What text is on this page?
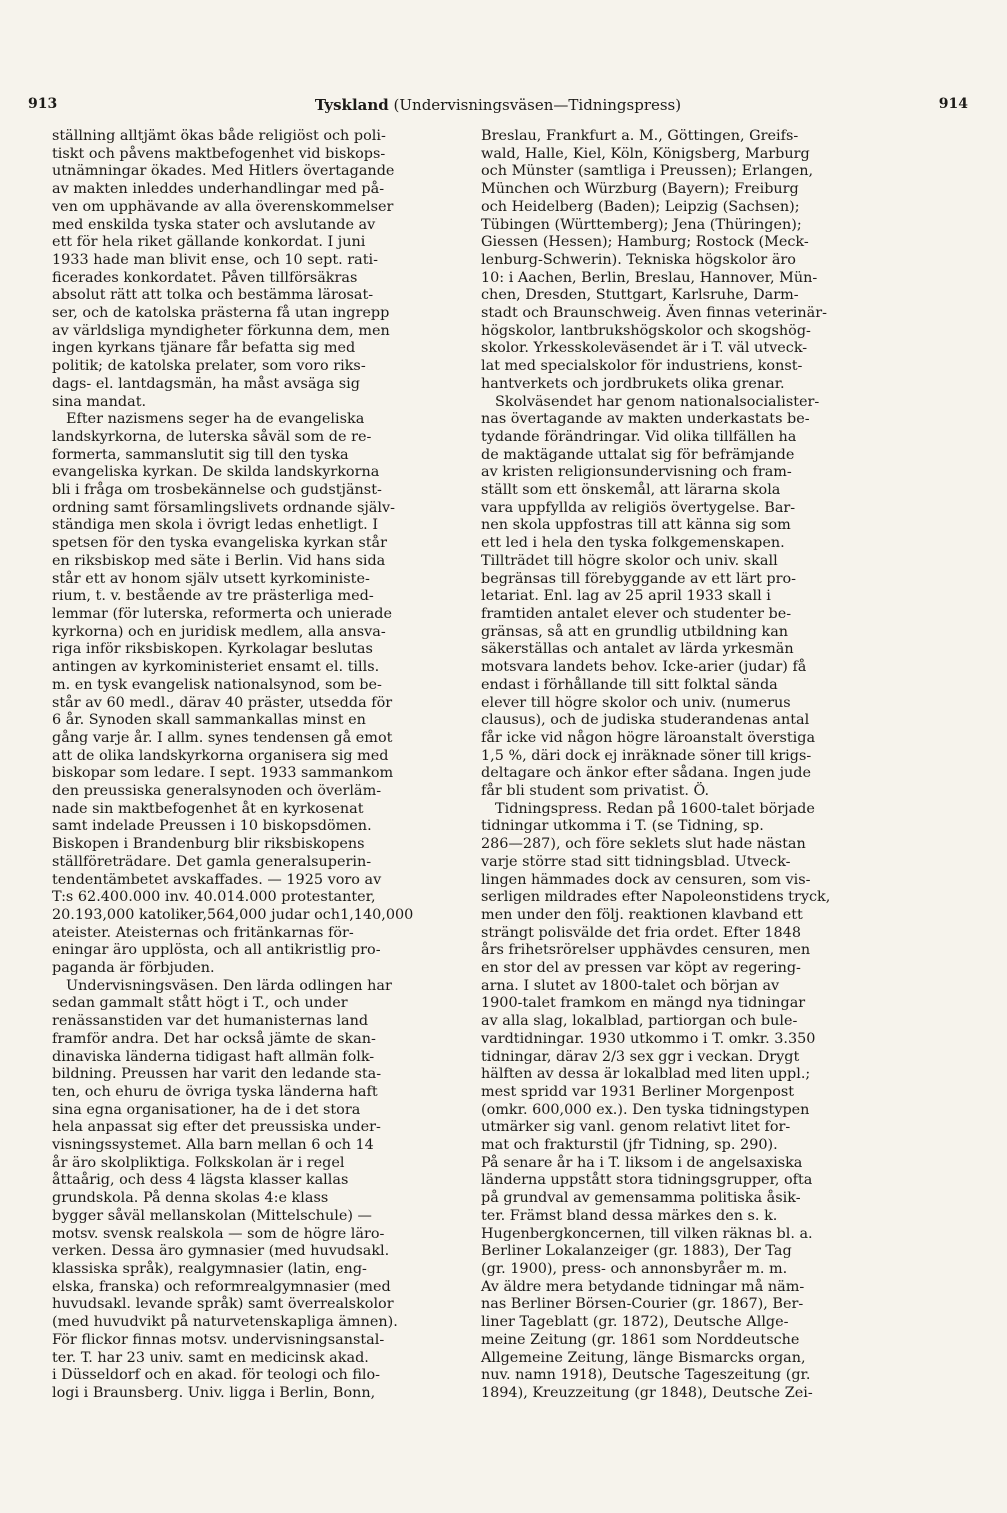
913	Tyskland (Undervisningsväsen—Tidningspress)	914

ställning alltjämt ökas både religiöst och poli-

tiskt och påvens maktbefogenhet vid biskops-

utnämningar ökades. Med Hitlers övertagande

av makten inleddes underhandlingar med på-

ven om upphävande av alla överenskommelser

med enskilda tyska stater och avslutande av

ett för hela riket gällande konkordat. I juni

1933 hade man blivit ense, och 10 sept. rati-

ficerades konkordatet. Påven tillförsäkras

absolut rätt att tolka och bestämma lärosat-

ser, och de katolska prästerna få utan ingrepp

av världsliga myndigheter förkunna dem, men

ingen kyrkans tjänare får befatta sig med

politik; de katolska prelater, som voro riks-

dags- el. lantdagsmän, ha måst avsäga sig

sina mandat.

Efter nazismens seger ha de evangeliska

landskyrkorna, de luterska såväl som de re-

formerta, sammanslutit sig till den tyska

evangeliska kyrkan. De skilda landskyrkorna

bli i fråga om trosbekännelse och gudstjänst-

ordning samt församlingslivets ordnande själv-

ständiga men skola i övrigt ledas enhetligt. I

spetsen för den tyska evangeliska kyrkan står

en riksbiskop med säte i Berlin. Vid hans sida

står ett av honom själv utsett kyrkoministe-

rium, t. v. bestående av tre prästerliga med-

lemmar (för luterska, reformerta och unierade

kyrkorna) och en juridisk medlem, alla ansva-

riga inför riksbiskopen. Kyrkolagar beslutas

antingen av kyrkoministeriet ensamt el. tills.

m. en tysk evangelisk nationalsynod, som be-

står av 60 medl., därav 40 präster, utsedda för

6 år. Synoden skall sammankallas minst en

gång varje år. I allm. synes tendensen gå emot

att de olika landskyrkorna organisera sig med

biskopar som ledare. I sept. 1933 sammankom

den preussiska generalsynoden och överläm-

nade sin maktbefogenhet åt en kyrkosenat

samt indelade Preussen i 10 biskopsdömen.

Biskopen i Brandenburg blir riksbiskopens

ställföreträdare. Det gamla generalsuperin-

tendentämbetet avskaffades. — 1925 voro av

T:s 62.400.000 inv. 40.014.000 protestanter,

20.193,000 katoliker,564,000 judar och1,140,000

ateister. Ateisternas och fritänkarnas för-

eningar äro upplösta, och all antikristlig pro-

paganda är förbjuden.

Undervisningsväsen. Den lärda odlingen har

sedan gammalt stått högt i T., och under

renässanstiden var det humanisternas land

framför andra. Det har också jämte de skan-

dinaviska länderna tidigast haft allmän folk-

bildning. Preussen har varit den ledande sta-

ten, och ehuru de övriga tyska länderna haft

sina egna organisationer, ha de i det stora

hela anpassat sig efter det preussiska under-

visningssystemet. Alla barn mellan 6 och 14

år äro skolpliktiga. Folkskolan är i regel

åttaårig, och dess 4 lägsta klasser kallas

grundskola. På denna skolas 4:e klass

bygger såväl mellanskolan (Mittelschule) —

motsv. svensk realskola — som de högre läro-

verken. Dessa äro gymnasier (med huvudsakl.

klassiska språk), realgymnasier (latin, eng-

elska, franska) och reformrealgymnasier (med

huvudsakl. levande språk) samt överrealskolor

(med huvudvikt på naturvetenskapliga ämnen).

För flickor finnas motsv. undervisningsanstal-

ter. T. har 23 univ. samt en medicinsk akad.

i Düsseldorf och en akad. för teologi och filo-

logi i Braunsberg. Univ. ligga i Berlin, Bonn,

Breslau, Frankfurt a. M., Göttingen, Greifs-

wald, Halle, Kiel, Köln, Königsberg, Marburg

och Münster (samtliga i Preussen); Erlangen,

München och Würzburg (Bayern); Freiburg

och Heidelberg (Baden); Leipzig (Sachsen);

Tübingen (Württemberg); Jena (Thüringen);

Giessen (Hessen); Hamburg; Rostock (Meck-

lenburg-Schwerin). Tekniska högskolor äro

10: i Aachen, Berlin, Breslau, Hannover, Mün-

chen, Dresden, Stuttgart, Karlsruhe, Darm-

stadt och Braunschweig. Även finnas veterinär-

högskolor, lantbrukshögskolor och skogshög-

skolor. Yrkesskoleväsendet är i T. väl utveck-

lat med specialskolor för industriens, konst-

hantverkets och jordbrukets olika grenar.

Skolväsendet har genom nationalsocialister-

nas övertagande av makten underkastats be-

tydande förändringar. Vid olika tillfällen ha

de maktägande uttalat sig för befrämjande

av kristen religionsundervisning och fram-

ställt som ett önskemål, att lärarna skola

vara uppfyllda av religiös övertygelse. Bar-

nen skola uppfostras till att känna sig som

ett led i hela den tyska folkgemenskapen.

Tillträdet till högre skolor och univ. skall

begränsas till förebyggande av ett lärt pro-

letariat. Enl. lag av 25 april 1933 skall i

framtiden antalet elever och studenter be-

gränsas, så att en grundlig utbildning kan

säkerställas och antalet av lärda yrkesmän

motsvara landets behov. Icke-arier (judar) få

endast i förhållande till sitt folktal sända

elever till högre skolor och univ. (numerus

clausus), och de judiska studerandenas antal

får icke vid någon högre läroanstalt överstiga

1,5 %, däri dock ej inräknade söner till krigs-

deltagare och änkor efter sådana. Ingen jude

får bli student som privatist. Ö.

Tidningspress. Redan på 1600-talet började

tidningar utkomma i T. (se Tidning, sp.

286—287), och före seklets slut hade nästan

varje större stad sitt tidningsblad. Utveck-

lingen hämmades dock av censuren, som vis-

serligen mildrades efter Napoleonstidens tryck,

men under den följ. reaktionen klavband ett

strängt polisvälde det fria ordet. Efter 1848

års frihetsrörelser upphävdes censuren, men

en stor del av pressen var köpt av regering-

arna. I slutet av 1800-talet och början av

1900-talet framkom en mängd nya tidningar

av alla slag, lokalblad, partiorgan och bule-

vardtidningar. 1930 utkommo i T. omkr. 3.350

tidningar, därav 2/3 sex ggr i veckan. Drygt

hälften av dessa är lokalblad med liten uppl.;

mest spridd var 1931 Berliner Morgenpost

(omkr. 600,000 ex.). Den tyska tidningstypen

utmärker sig vanl. genom relativt litet for-

mat och frakturstil (jfr Tidning, sp. 290).

På senare år ha i T. liksom i de angelsaxiska

länderna uppstått stora tidningsgrupper, ofta

på grundval av gemensamma politiska åsik-

ter. Främst bland dessa märkes den s. k.

Hugenbergkoncernen, till vilken räknas bl. a.

Berliner Lokalanzeiger (gr. 1883), Der Tag

(gr. 1900), press- och annonsbyråer m. m.

Av äldre mera betydande tidningar må näm-

nas Berliner Börsen-Courier (gr. 1867), Ber-

liner Tageblatt (gr. 1872), Deutsche Allge-

meine Zeitung (gr. 1861 som Norddeutsche

Allgemeine Zeitung, länge Bismarcks organ,

nuv. namn 1918), Deutsche Tageszeitung (gr.

1894), Kreuzzeitung (gr 1848), Deutsche Zei-
